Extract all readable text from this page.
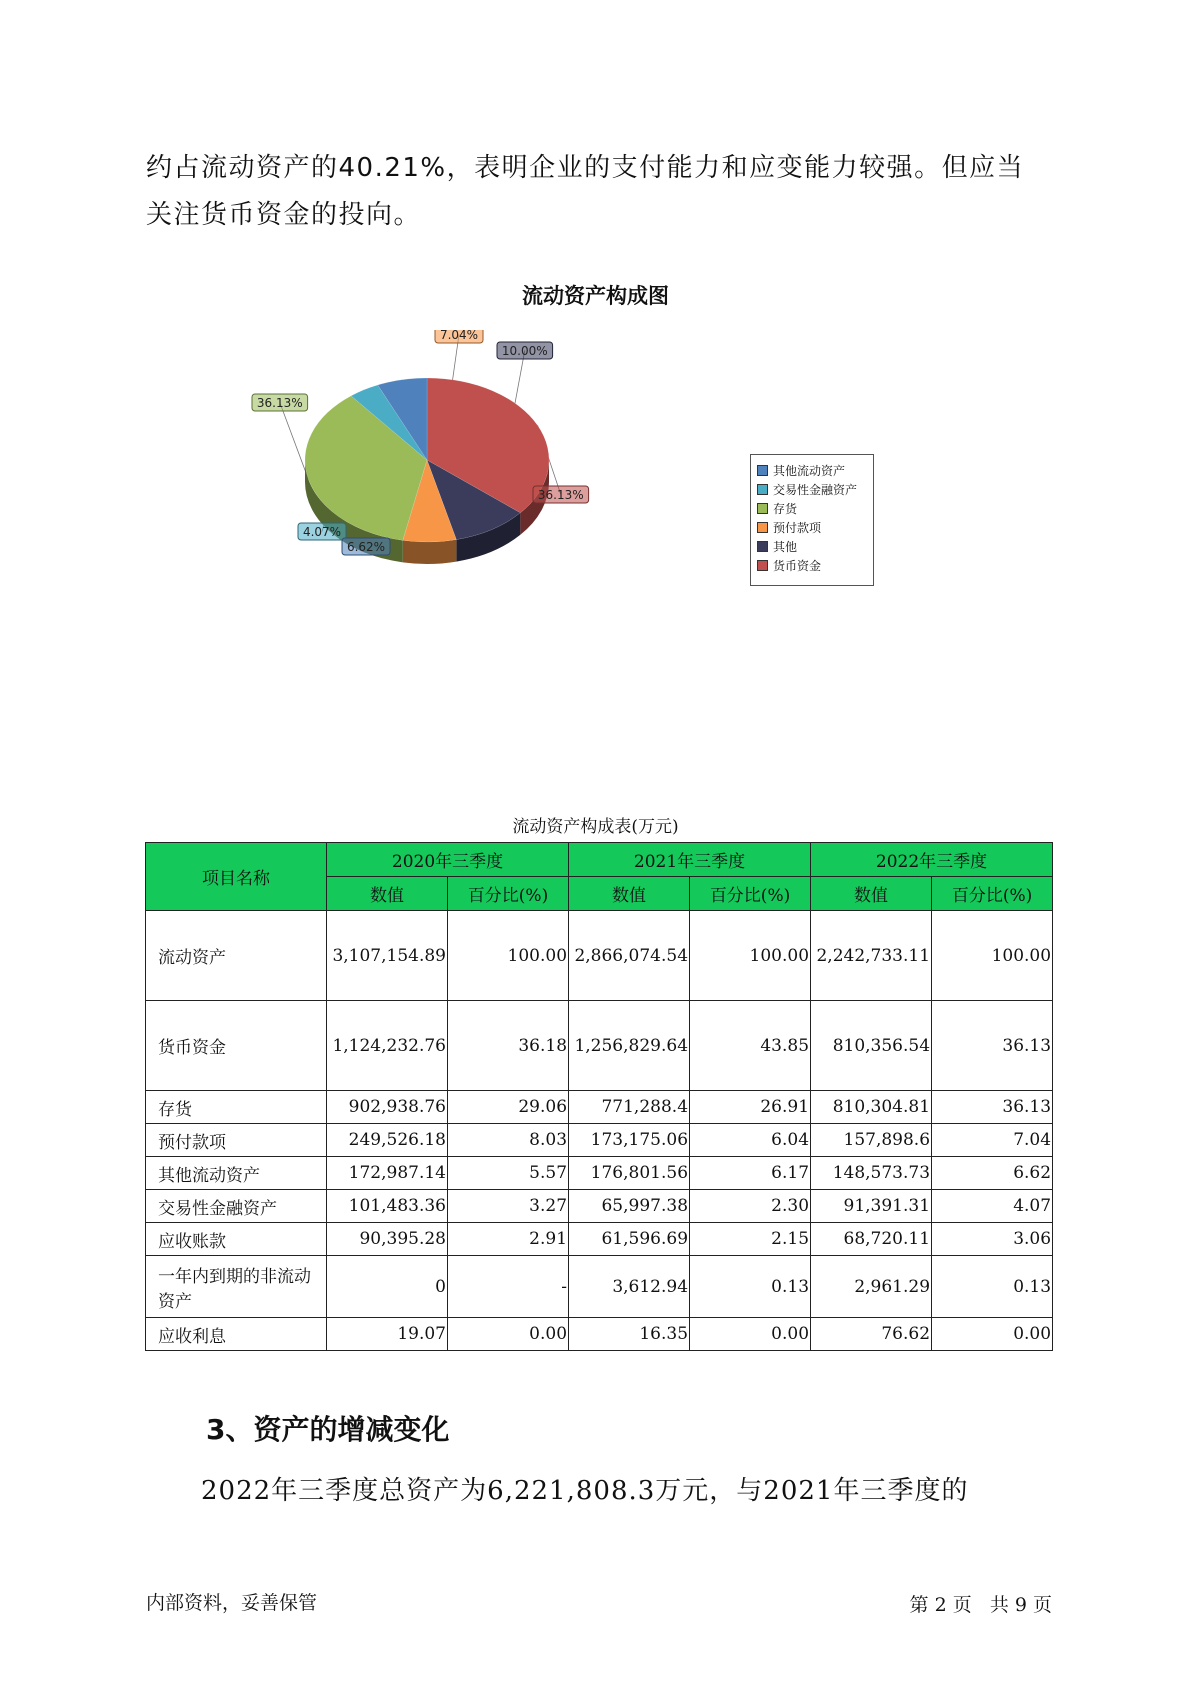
约占流动资产的40.21%，表明企业的支付能力和应变能力较强。但应当关注货币资金的投向。

流动资产构成图
36.13%
10.00%
7.04%
36.13%
4.07%
6.62%
其他流动资产
交易性金融资产
存货
预付款项
其他
货币资金
流动资产构成表(万元)
项目名称	2020年三季度		2021年三季度		2022年三季度	
	数值	百分比(%)	数值	百分比(%)	数值	百分比(%)
流动资产	3,107,154.89	100.00	2,866,074.54	100.00	2,242,733.11	100.00
货币资金	1,124,232.76	36.18	1,256,829.64	43.85	810,356.54	36.13
存货	902,938.76	29.06	771,288.4	26.91	810,304.81	36.13
预付款项	249,526.18	8.03	173,175.06	6.04	157,898.6	7.04
其他流动资产	172,987.14	5.57	176,801.56	6.17	148,573.73	6.62
交易性金融资产	101,483.36	3.27	65,997.38	2.30	91,391.31	4.07
应收账款	90,395.28	2.91	61,596.69	2.15	68,720.11	3.06
一年内到期的非流动资产	0	-	3,612.94	0.13	2,961.29	0.13
应收利息	19.07	0.00	16.35	0.00	76.62	0.00
3、资产的增减变化

2022年三季度总资产为6,221,808.3万元，与2021年三季度的

内部资料，妥善保管	第 2 页   共 9 页
